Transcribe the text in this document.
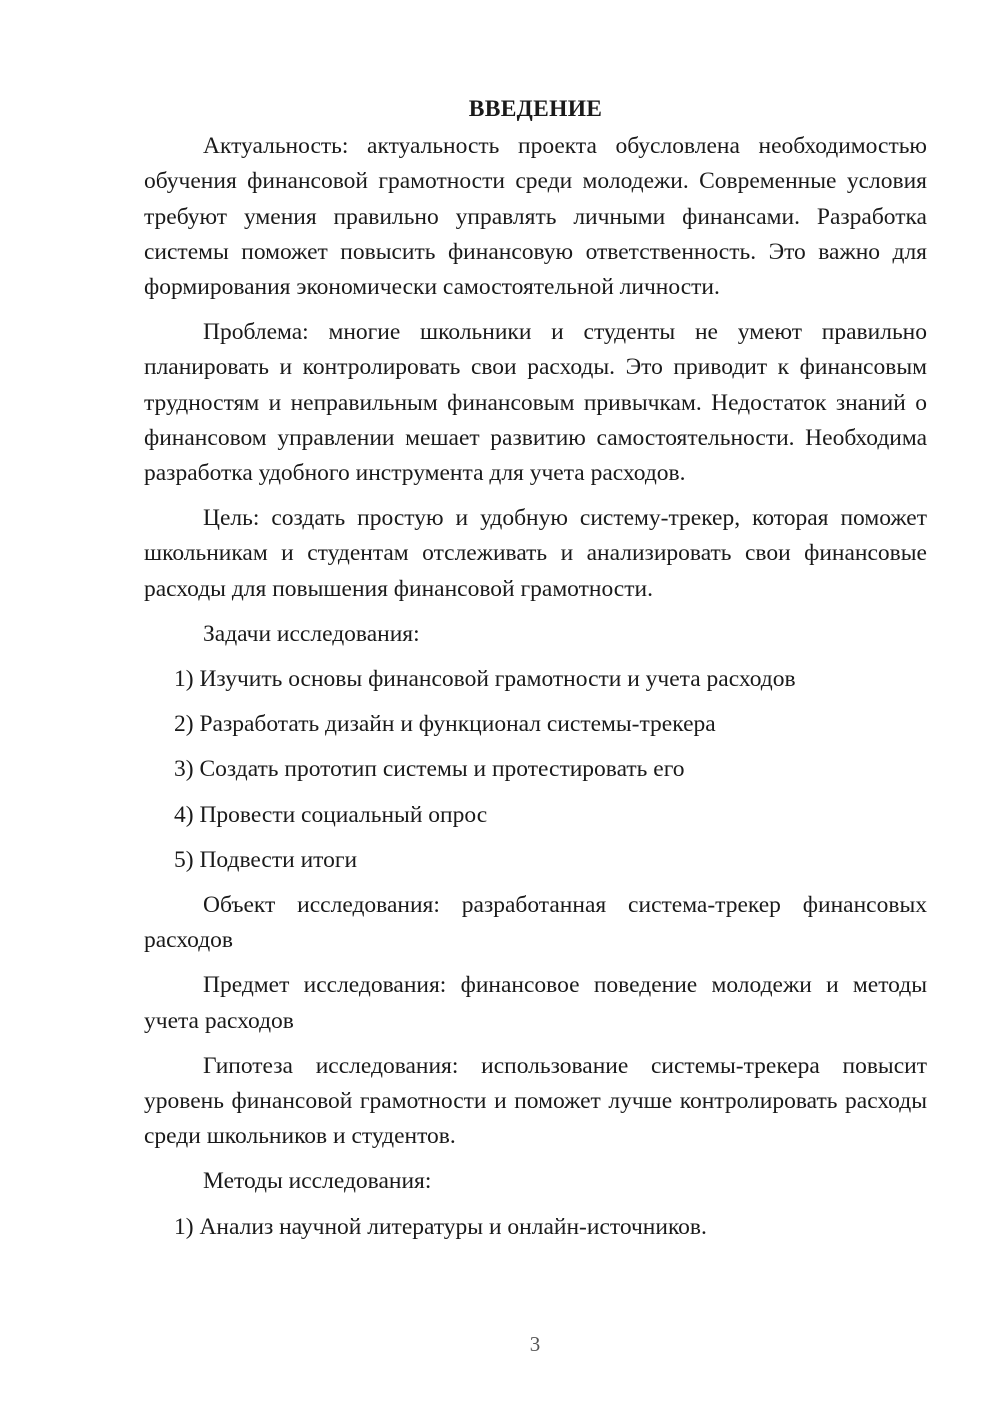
ВВЕДЕНИЕ

Актуальность: актуальность проекта обусловлена необходимостью обучения финансовой грамотности среди молодежи. Современные условия требуют умения правильно управлять личными финансами. Разработка системы поможет повысить финансовую ответственность. Это важно для формирования экономически самостоятельной личности.

Проблема: многие школьники и студенты не умеют правильно планировать и контролировать свои расходы. Это приводит к финансовым трудностям и неправильным финансовым привычкам. Недостаток знаний о финансовом управлении мешает развитию самостоятельности. Необходима разработка удобного инструмента для учета расходов.

Цель: создать простую и удобную систему-трекер, которая поможет школьникам и студентам отслеживать и анализировать свои финансовые расходы для повышения финансовой грамотности.

Задачи исследования:

1) Изучить основы финансовой грамотности и учета расходов

2) Разработать дизайн и функционал системы-трекера

3) Создать прототип системы и протестировать его

4) Провести социальный опрос

5) Подвести итоги

Объект исследования: разработанная система-трекер финансовых расходов

Предмет исследования: финансовое поведение молодежи и методы учета расходов

Гипотеза исследования: использование системы-трекера повысит уровень финансовой грамотности и поможет лучше контролировать расходы среди школьников и студентов.

Методы исследования:

1) Анализ научной литературы и онлайн-источников.

3
